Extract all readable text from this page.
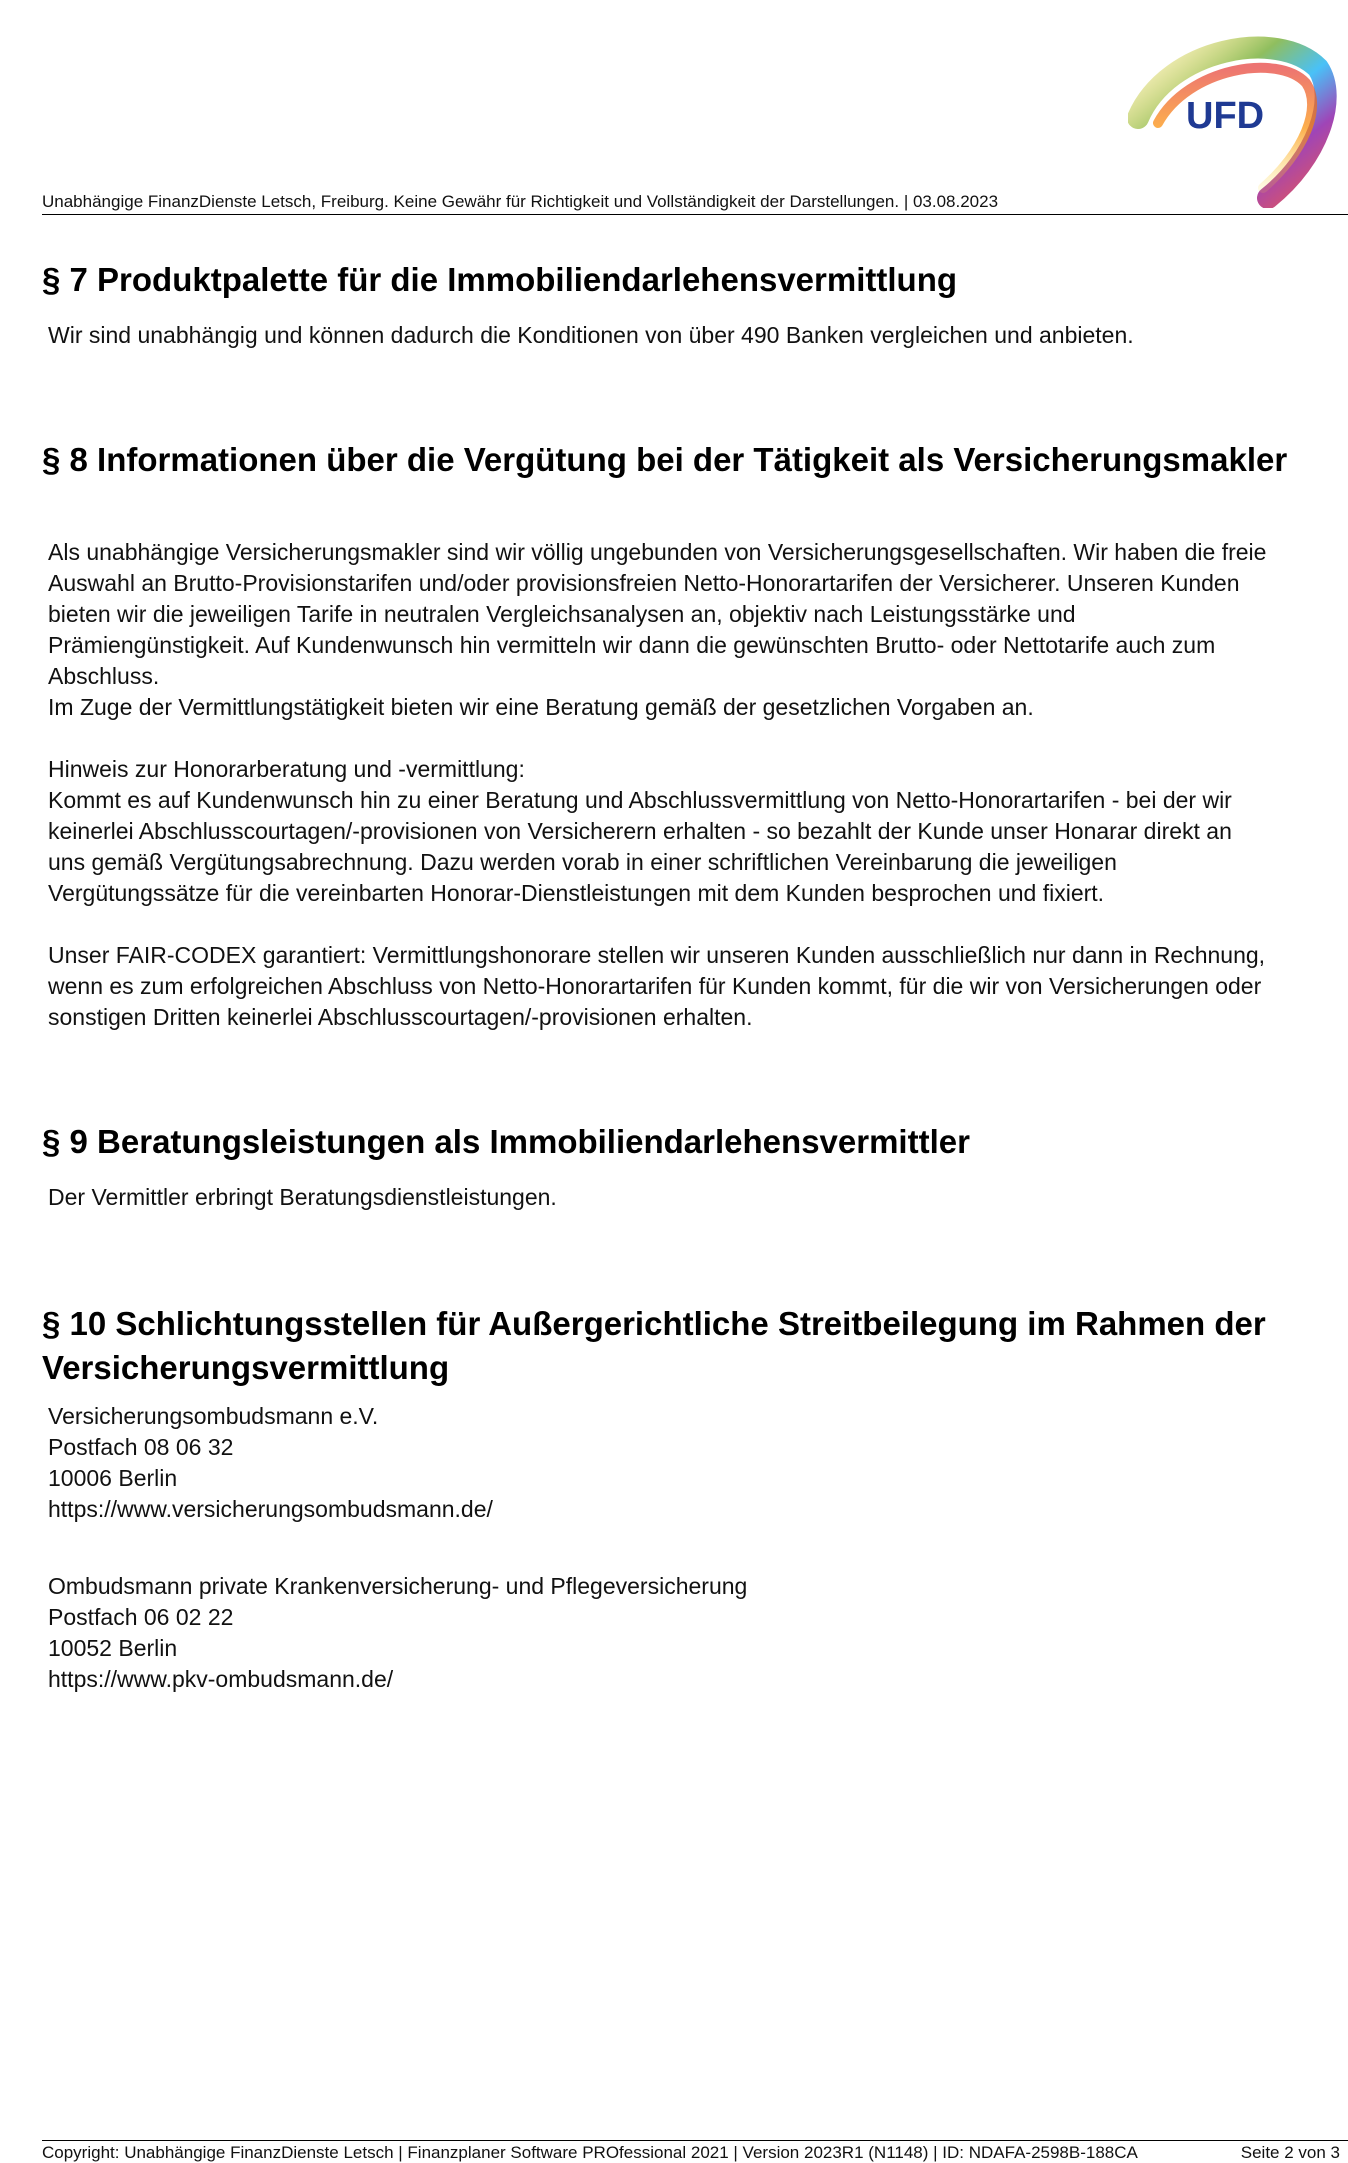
UFD
Unabhängige FinanzDienste Letsch, Freiburg. Keine Gewähr für Richtigkeit und Vollständigkeit der Darstellungen. | 03.08.2023
§ 7 Produktpalette für die Immobiliendarlehensvermittlung

Wir sind unabhängig und können dadurch die Konditionen von über 490 Banken vergleichen und anbieten.

§ 8 Informationen über die Vergütung bei der Tätigkeit als Versicherungsmakler

Als unabhängige Versicherungsmakler sind wir völlig ungebunden von Versicherungsgesellschaften. Wir haben die freie
Auswahl an Brutto-Provisionstarifen und/oder provisionsfreien Netto-Honorartarifen der Versicherer. Unseren Kunden
bieten wir die jeweiligen Tarife in neutralen Vergleichsanalysen an, objektiv nach Leistungsstärke und
Prämiengünstigkeit. Auf Kundenwunsch hin vermitteln wir dann die gewünschten Brutto- oder Nettotarife auch zum
Abschluss.
Im Zuge der Vermittlungstätigkeit bieten wir eine Beratung gemäß der gesetzlichen Vorgaben an.

Hinweis zur Honorarberatung und -vermittlung:
Kommt es auf Kundenwunsch hin zu einer Beratung und Abschlussvermittlung von Netto-Honorartarifen - bei der wir
keinerlei Abschlusscourtagen/-provisionen von Versicherern erhalten - so bezahlt der Kunde unser Honarar direkt an
uns gemäß Vergütungsabrechnung. Dazu werden vorab in einer schriftlichen Vereinbarung die jeweiligen
Vergütungssätze für die vereinbarten Honorar-Dienstleistungen mit dem Kunden besprochen und fixiert.

Unser FAIR-CODEX garantiert: Vermittlungshonorare stellen wir unseren Kunden ausschließlich nur dann in Rechnung,
wenn es zum erfolgreichen Abschluss von Netto-Honorartarifen für Kunden kommt, für die wir von Versicherungen oder
sonstigen Dritten keinerlei Abschlusscourtagen/-provisionen erhalten.

§ 9 Beratungsleistungen als Immobiliendarlehensvermittler

Der Vermittler erbringt Beratungsdienstleistungen.

§ 10 Schlichtungsstellen für Außergerichtliche Streitbeilegung im Rahmen der
Versicherungsvermittlung
Versicherungsombudsmann e.V.
Postfach 08 06 32
10006 Berlin
https://www.versicherungsombudsmann.de/
Ombudsmann private Krankenversicherung- und Pflegeversicherung
Postfach 06 02 22
10052 Berlin
https://www.pkv-ombudsmann.de/
Copyright: Unabhängige FinanzDienste Letsch | Finanzplaner Software PROfessional 2021 | Version 2023R1 (N1148) | ID: NDAFA-2598B-188CA	Seite 2 von 3
